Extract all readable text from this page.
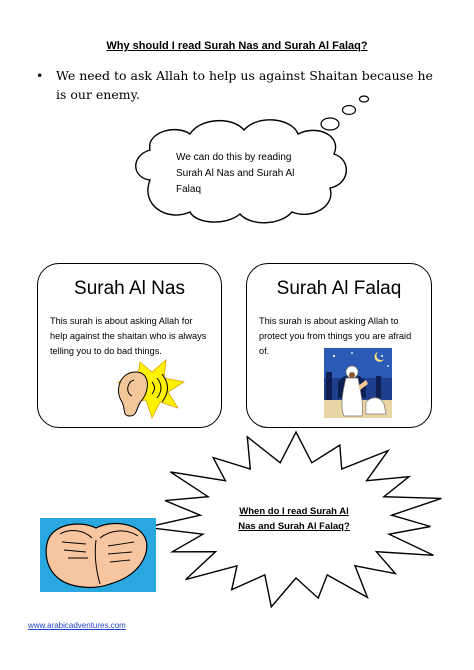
Why should I read Surah Nas and Surah Al Falaq?
•	We need to ask Allah to help us against Shaitan because he is our enemy.
We can do this by reading Surah Al Nas and Surah Al Falaq
Surah Al Nas

This surah is about asking Allah for help against the shaitan who is always telling you to do bad things.

Surah Al Falaq

This surah is about asking Allah to protect you from things you are afraid of.

When do I read Surah Al Nas and Surah Al Falaq?
www.arabicadventures.com
